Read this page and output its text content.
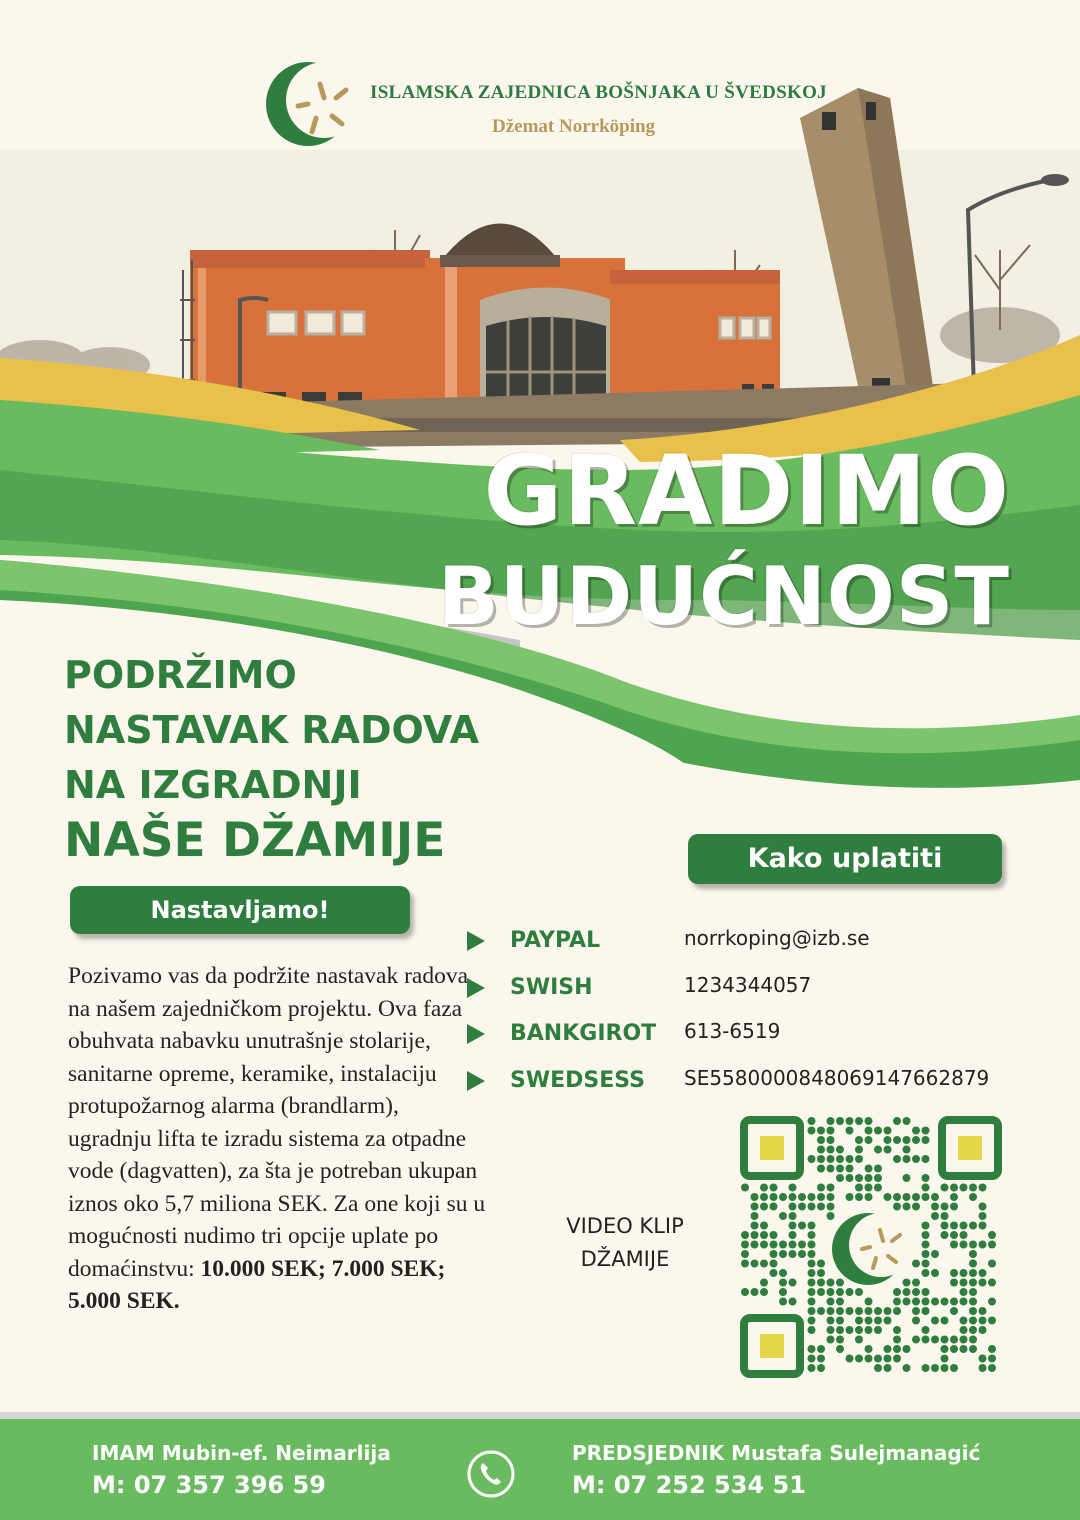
ISLAMSKA ZAJEDNICA BOŠNJAKA U ŠVEDSKOJ
Džemat Norrköping
GRADIMO
BUDUĆNOST
PODRŽIMO
NASTAVAK RADOVA
NA IZGRADNJI
NAŠE DŽAMIJE
Nastavljamo!
Kako uplatiti
Pozivamo vas da podržite nastavak radova na našem zajedničkom projektu. Ova faza obuhvata nabavku unutrašnje stolarije, sanitarne opreme, keramike, instalaciju protupožarnog alarma (brandlarm), ugradnju lifta te izradu sistema za otpadne vode (dagvatten), za šta je potreban ukupan iznos oko 5,7 miliona SEK. Za one koji su u mogućnosti nudimo tri opcije uplate po domaćinstvu: 10.000 SEK; 7.000 SEK; 5.000 SEK.
PAYPAL	norrkoping@izb.se
SWISH	1234344057
BANKGIROT 613-6519
SWEDSESS SE5580000848069147662879
VIDEO KLIP
DŽAMIJE
IMAM Mubin-ef. Neimarlija
M: 07 357 396 59
PREDSJEDNIK Mustafa Sulejmanagić
M: 07 252 534 51
